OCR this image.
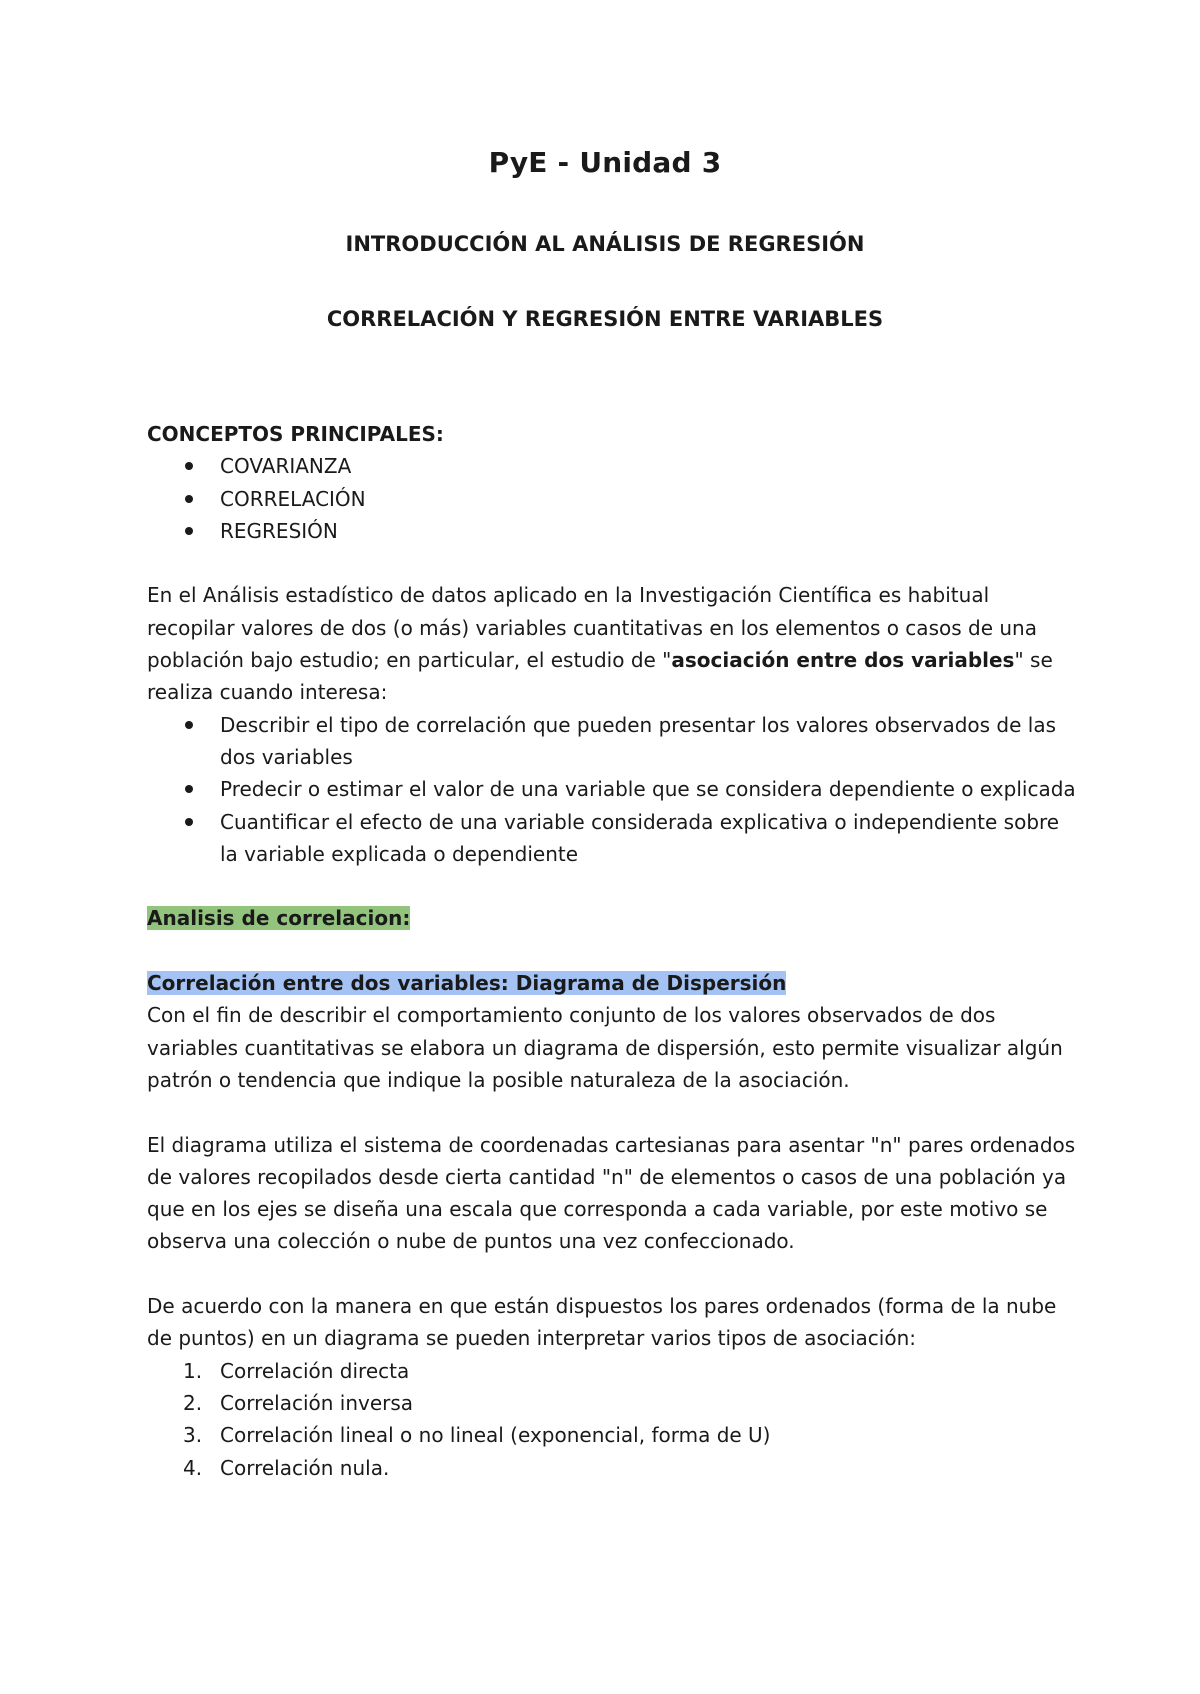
PyE - Unidad 3
INTRODUCCIÓN AL ANÁLISIS DE REGRESIÓN
CORRELACIÓN Y REGRESIÓN ENTRE VARIABLES

CONCEPTOS PRINCIPALES:

COVARIANZA
CORRELACIÓN
REGRESIÓN

En el Análisis estadístico de datos aplicado en la Investigación Científica es habitual recopilar valores de dos (o más) variables cuantitativas en los elementos o casos de una población bajo estudio; en particular, el estudio de "asociación entre dos variables" se realiza cuando interesa:

Describir el tipo de correlación que pueden presentar los valores observados de las dos variables
Predecir o estimar el valor de una variable que se considera dependiente o explicada
Cuantificar el efecto de una variable considerada explicativa o independiente sobre la variable explicada o dependiente

Analisis de correlacion:

Correlación entre dos variables: Diagrama de Dispersión

Con el fin de describir el comportamiento conjunto de los valores observados de dos variables cuantitativas se elabora un diagrama de dispersión, esto permite visualizar algún patrón o tendencia que indique la posible naturaleza de la asociación.

El diagrama utiliza el sistema de coordenadas cartesianas para asentar "n" pares ordenados de valores recopilados desde cierta cantidad "n" de elementos o casos de una población ya que en los ejes se diseña una escala que corresponda a cada variable, por este motivo se observa una colección o nube de puntos una vez confeccionado.

De acuerdo con la manera en que están dispuestos los pares ordenados (forma de la nube de puntos) en un diagrama se pueden interpretar varios tipos de asociación:

1. Correlación directa
2. Correlación inversa
3. Correlación lineal o no lineal (exponencial, forma de U)
4. Correlación nula.
